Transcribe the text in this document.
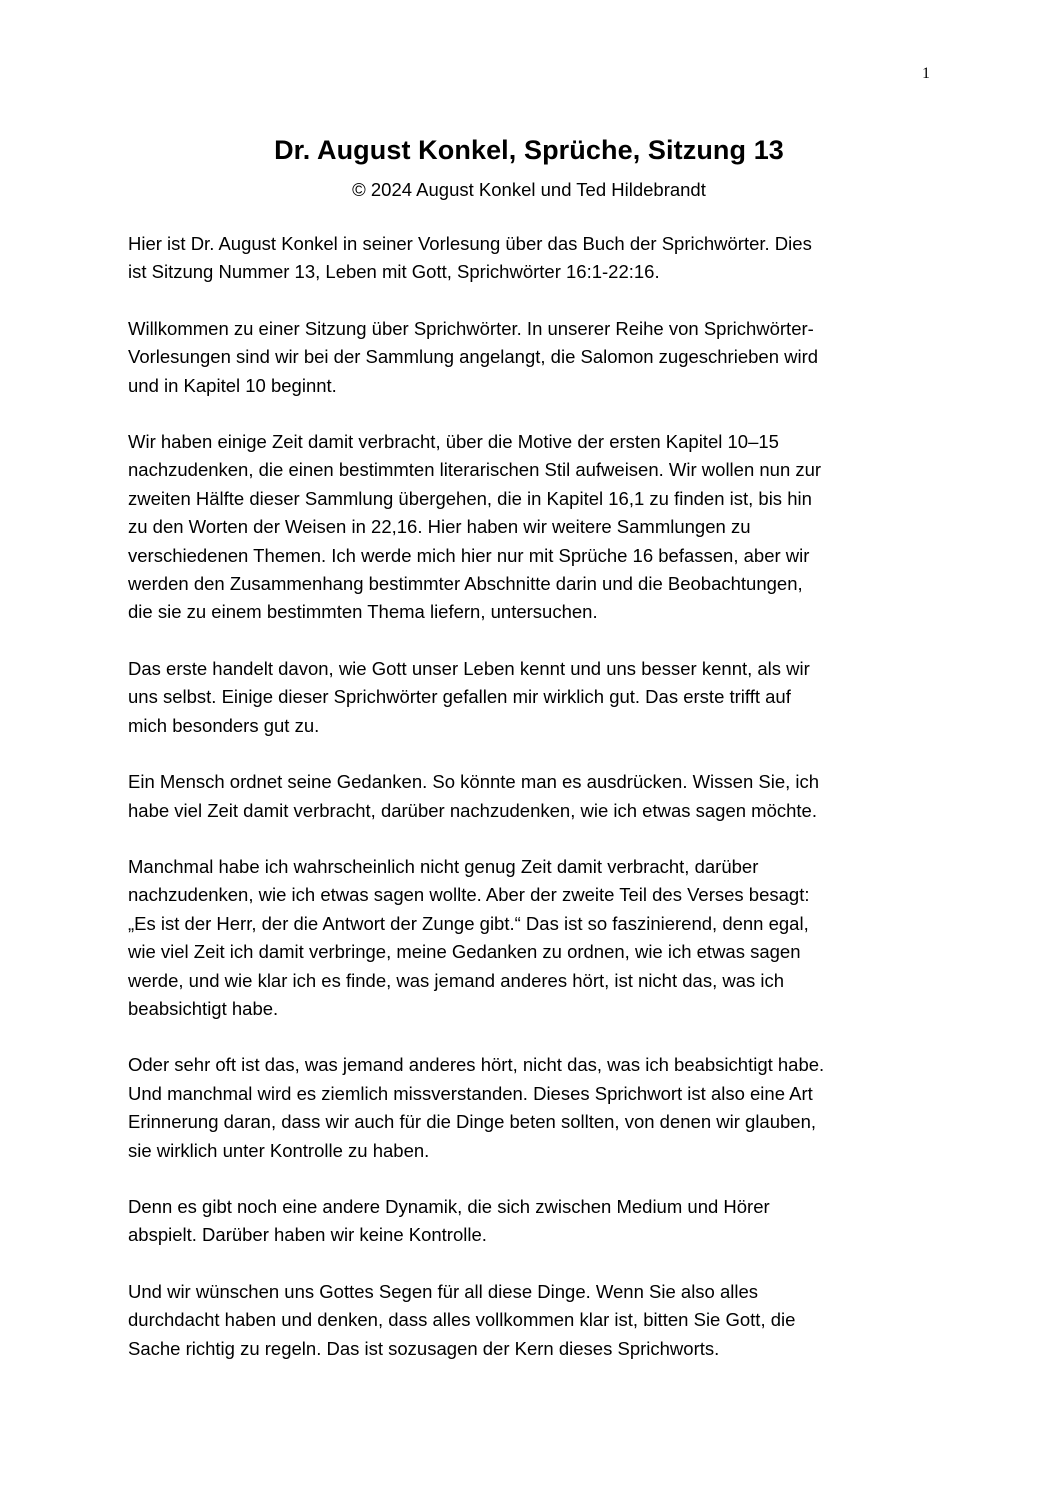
1
Dr. August Konkel, Sprüche, Sitzung 13

© 2024 August Konkel und Ted Hildebrandt

Hier ist Dr. August Konkel in seiner Vorlesung über das Buch der Sprichwörter. Dies
ist Sitzung Nummer 13, Leben mit Gott, Sprichwörter 16:1-22:16.

Willkommen zu einer Sitzung über Sprichwörter. In unserer Reihe von Sprichwörter-
Vorlesungen sind wir bei der Sammlung angelangt, die Salomon zugeschrieben wird
und in Kapitel 10 beginnt.

Wir haben einige Zeit damit verbracht, über die Motive der ersten Kapitel 10–15
nachzudenken, die einen bestimmten literarischen Stil aufweisen. Wir wollen nun zur
zweiten Hälfte dieser Sammlung übergehen, die in Kapitel 16,1 zu finden ist, bis hin
zu den Worten der Weisen in 22,16. Hier haben wir weitere Sammlungen zu
verschiedenen Themen. Ich werde mich hier nur mit Sprüche 16 befassen, aber wir
werden den Zusammenhang bestimmter Abschnitte darin und die Beobachtungen,
die sie zu einem bestimmten Thema liefern, untersuchen.

Das erste handelt davon, wie Gott unser Leben kennt und uns besser kennt, als wir
uns selbst. Einige dieser Sprichwörter gefallen mir wirklich gut. Das erste trifft auf
mich besonders gut zu.

Ein Mensch ordnet seine Gedanken. So könnte man es ausdrücken. Wissen Sie, ich
habe viel Zeit damit verbracht, darüber nachzudenken, wie ich etwas sagen möchte.

Manchmal habe ich wahrscheinlich nicht genug Zeit damit verbracht, darüber
nachzudenken, wie ich etwas sagen wollte. Aber der zweite Teil des Verses besagt:
„Es ist der Herr, der die Antwort der Zunge gibt.“ Das ist so faszinierend, denn egal,
wie viel Zeit ich damit verbringe, meine Gedanken zu ordnen, wie ich etwas sagen
werde, und wie klar ich es finde, was jemand anderes hört, ist nicht das, was ich
beabsichtigt habe.

Oder sehr oft ist das, was jemand anderes hört, nicht das, was ich beabsichtigt habe.
Und manchmal wird es ziemlich missverstanden. Dieses Sprichwort ist also eine Art
Erinnerung daran, dass wir auch für die Dinge beten sollten, von denen wir glauben,
sie wirklich unter Kontrolle zu haben.

Denn es gibt noch eine andere Dynamik, die sich zwischen Medium und Hörer
abspielt. Darüber haben wir keine Kontrolle.

Und wir wünschen uns Gottes Segen für all diese Dinge. Wenn Sie also alles
durchdacht haben und denken, dass alles vollkommen klar ist, bitten Sie Gott, die
Sache richtig zu regeln. Das ist sozusagen der Kern dieses Sprichworts.
